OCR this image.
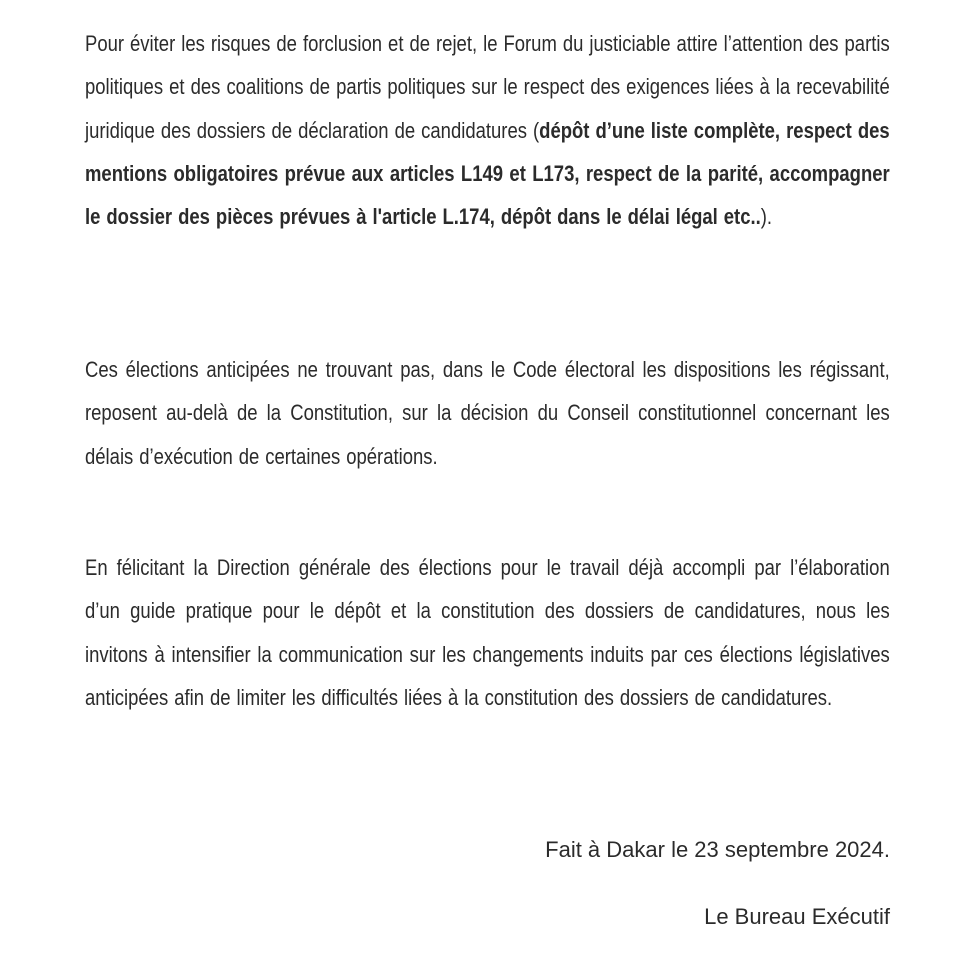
Pour éviter les risques de forclusion et de rejet, le Forum du justiciable attire l’attention des partis politiques et des coalitions de partis politiques sur le respect des exigences liées à la recevabilité juridique des dossiers de déclaration de candidatures (dépôt d’une liste complète, respect des mentions obligatoires prévue aux articles L149 et L173, respect de la parité, accompagner le dossier des pièces prévues à l'article L.174, dépôt dans le délai légal etc..).

Ces élections anticipées ne trouvant pas, dans le Code électoral les dispositions les régissant, reposent au-delà de la Constitution, sur la décision du Conseil constitutionnel concernant les délais d’exécution de certaines opérations.

En félicitant la Direction générale des élections pour le travail déjà accompli par l’élaboration d’un guide pratique pour le dépôt et la constitution des dossiers de candidatures, nous les invitons à intensifier la communication sur les changements induits par ces élections législatives anticipées afin de limiter les difficultés liées à la constitution des dossiers de candidatures.

Fait à Dakar le 23 septembre 2024.
Le Bureau Exécutif
